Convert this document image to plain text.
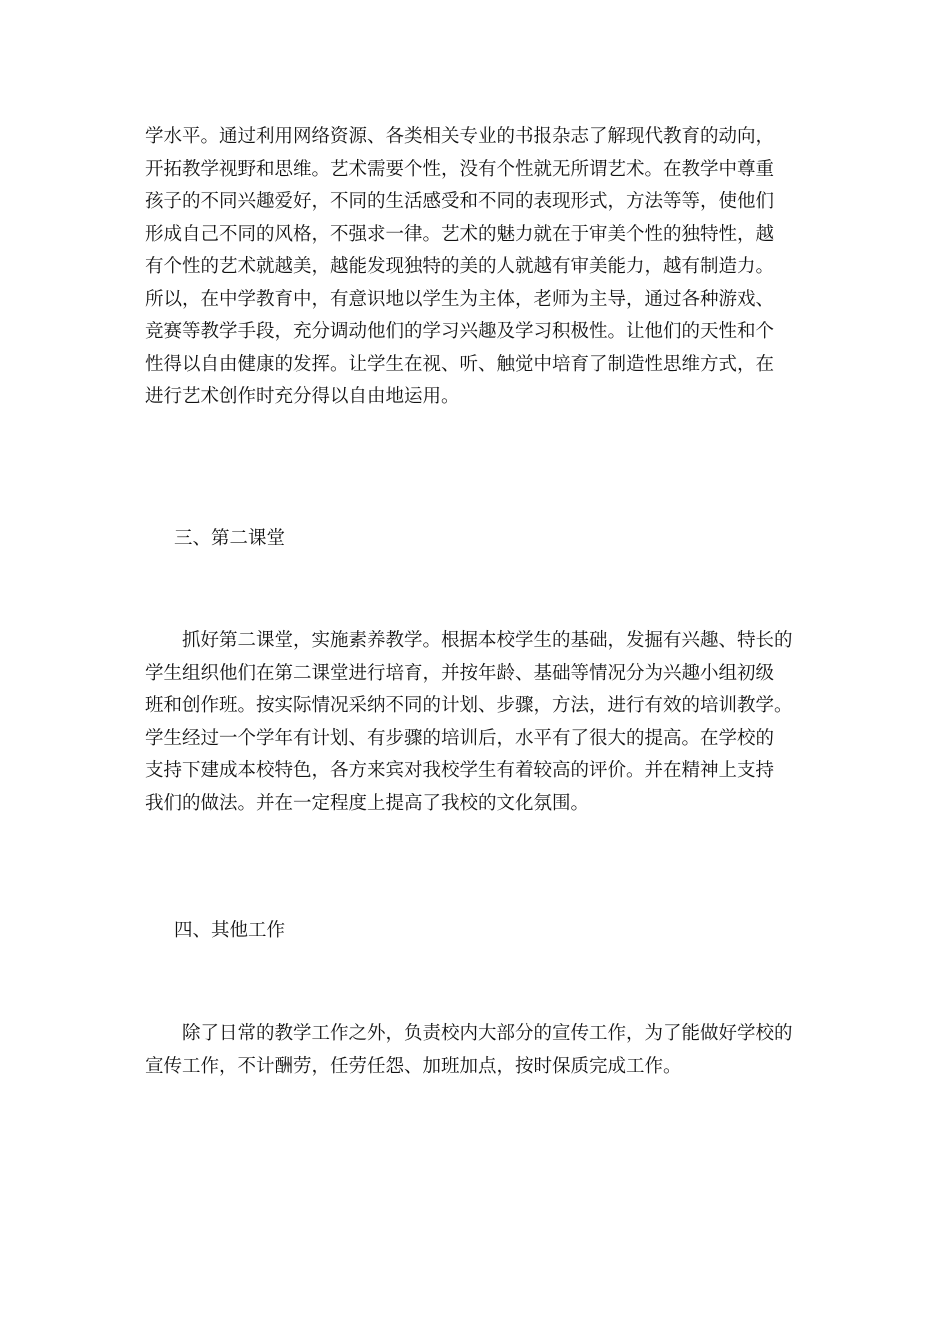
学水平。通过利用网络资源、各类相关专业的书报杂志了解现代教育的动向，
开拓教学视野和思维。艺术需要个性，没有个性就无所谓艺术。在教学中尊重
孩子的不同兴趣爱好，不同的生活感受和不同的表现形式，方法等等，使他们
形成自己不同的风格，不强求一律。艺术的魅力就在于审美个性的独特性，越
有个性的艺术就越美，越能发现独特的美的人就越有审美能力，越有制造力。
所以，在中学教育中，有意识地以学生为主体，老师为主导，通过各种游戏、
竞赛等教学手段，充分调动他们的学习兴趣及学习积极性。让他们的天性和个
性得以自由健康的发挥。让学生在视、听、触觉中培育了制造性思维方式，在
进行艺术创作时充分得以自由地运用。
三、第二课堂
　　抓好第二课堂，实施素养教学。根据本校学生的基础，发掘有兴趣、特长的
学生组织他们在第二课堂进行培育，并按年龄、基础等情况分为兴趣小组初级
班和创作班。按实际情况采纳不同的计划、步骤，方法，进行有效的培训教学。
学生经过一个学年有计划、有步骤的培训后，水平有了很大的提高。在学校的
支持下建成本校特色，各方来宾对我校学生有着较高的评价。并在精神上支持
我们的做法。并在一定程度上提高了我校的文化氛围。
四、其他工作
　　除了日常的教学工作之外，负责校内大部分的宣传工作，为了能做好学校的
宣传工作，不计酬劳，任劳任怨、加班加点，按时保质完成工作。
